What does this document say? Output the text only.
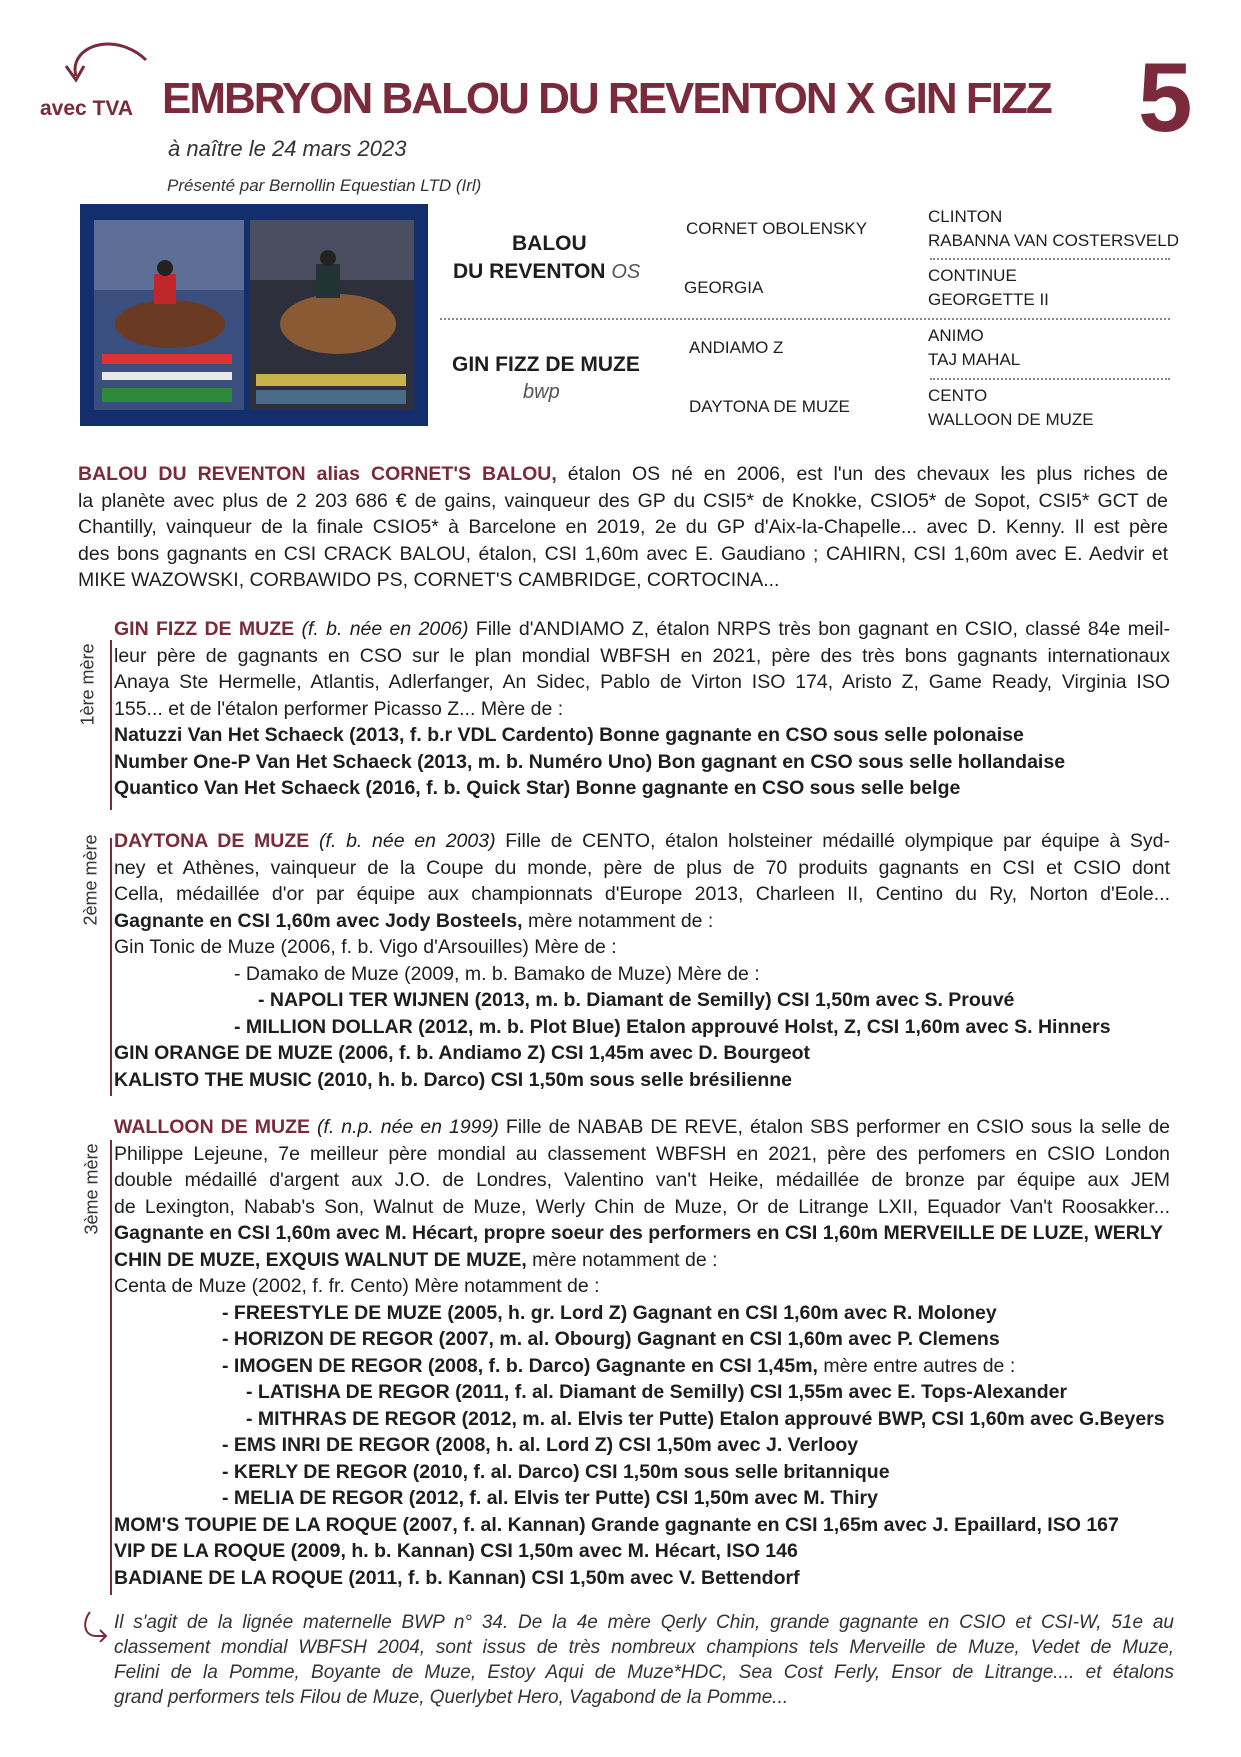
avec TVA EMBRYON BALOU DU REVENTON X GIN FIZZ 5
à naître le 24 mars 2023
Présenté par Bernollin Equestian LTD (Irl)
BALOU
DU REVENTON OS
GIN FIZZ DE MUZE
bwp
CORNET OBOLENSKY
GEORGIA
ANDIAMO Z
DAYTONA DE MUZE
CLINTON
RABANNA VAN COSTERSVELD
CONTINUE
GEORGETTE II
ANIMO
TAJ MAHAL
CENTO
WALLOON DE MUZE
BALOU DU REVENTON alias CORNET'S BALOU, étalon OS né en 2006, est l'un des chevaux les plus riches de
la planète avec plus de 2 203 686 € de gains, vainqueur des GP du CSI5* de Knokke, CSIO5* de Sopot, CSI5* GCT de
Chantilly, vainqueur de la finale CSIO5* à Barcelone en 2019, 2e du GP d'Aix-la-Chapelle... avec D. Kenny. Il est père
des bons gagnants en CSI CRACK BALOU, étalon, CSI 1,60m avec E. Gaudiano ; CAHIRN, CSI 1,60m avec E. Aedvir et
MIKE WAZOWSKI, CORBAWIDO PS, CORNET'S CAMBRIDGE, CORTOCINA...
1ère mère
GIN FIZZ DE MUZE (f. b. née en 2006) Fille d'ANDIAMO Z, étalon NRPS très bon gagnant en CSIO, classé 84e meil-
leur père de gagnants en CSO sur le plan mondial WBFSH en 2021, père des très bons gagnants internationaux
Anaya Ste Hermelle, Atlantis, Adlerfanger, An Sidec, Pablo de Virton ISO 174, Aristo Z, Game Ready, Virginia ISO
155... et de l'étalon performer Picasso Z... Mère de :
Natuzzi Van Het Schaeck (2013, f. b.r VDL Cardento) Bonne gagnante en CSO sous selle polonaise
Number One-P Van Het Schaeck (2013, m. b. Numéro Uno) Bon gagnant en CSO sous selle hollandaise
Quantico Van Het Schaeck (2016, f. b. Quick Star) Bonne gagnante en CSO sous selle belge
2ème mère DAYTONA DE MUZE (f. b. née en 2003) Fille de CENTO, étalon holsteiner médaillé olympique par équipe à Syd-
ney et Athènes, vainqueur de la Coupe du monde, père de plus de 70 produits gagnants en CSI et CSIO dont
Cella, médaillée d'or par équipe aux championnats d'Europe 2013, Charleen II, Centino du Ry, Norton d'Eole...
Gagnante en CSI 1,60m avec Jody Bosteels, mère notamment de :
Gin Tonic de Muze (2006, f. b. Vigo d'Arsouilles) Mère de :
- Damako de Muze (2009, m. b. Bamako de Muze) Mère de :
- NAPOLI TER WIJNEN (2013, m. b. Diamant de Semilly) CSI 1,50m avec S. Prouvé
- MILLION DOLLAR (2012, m. b. Plot Blue) Etalon approuvé Holst, Z, CSI 1,60m avec S. Hinners
GIN ORANGE DE MUZE (2006, f. b. Andiamo Z) CSI 1,45m avec D. Bourgeot
KALISTO THE MUSIC (2010, h. b. Darco) CSI 1,50m sous selle brésilienne
3ème mère
WALLOON DE MUZE (f. n.p. née en 1999) Fille de NABAB DE REVE, étalon SBS performer en CSIO sous la selle de
Philippe Lejeune, 7e meilleur père mondial au classement WBFSH en 2021, père des perfomers en CSIO London
double médaillé d'argent aux J.O. de Londres, Valentino van't Heike, médaillée de bronze par équipe aux JEM
de Lexington, Nabab's Son, Walnut de Muze, Werly Chin de Muze, Or de Litrange LXII, Equador Van't Roosakker...
Gagnante en CSI 1,60m avec M. Hécart, propre soeur des performers en CSI 1,60m MERVEILLE DE LUZE, WERLY
CHIN DE MUZE, EXQUIS WALNUT DE MUZE, mère notamment de :
Centa de Muze (2002, f. fr. Cento) Mère notamment de :
- FREESTYLE DE MUZE (2005, h. gr. Lord Z) Gagnant en CSI 1,60m avec R. Moloney
- HORIZON DE REGOR (2007, m. al. Obourg) Gagnant en CSI 1,60m avec P. Clemens
- IMOGEN DE REGOR (2008, f. b. Darco) Gagnante en CSI 1,45m, mère entre autres de :
- LATISHA DE REGOR (2011, f. al. Diamant de Semilly) CSI 1,55m avec E. Tops-Alexander
- MITHRAS DE REGOR (2012, m. al. Elvis ter Putte) Etalon approuvé BWP, CSI 1,60m avec G.Beyers
- EMS INRI DE REGOR (2008, h. al. Lord Z) CSI 1,50m avec J. Verlooy
- KERLY DE REGOR (2010, f. al. Darco) CSI 1,50m sous selle britannique
- MELIA DE REGOR (2012, f. al. Elvis ter Putte) CSI 1,50m avec M. Thiry
MOM'S TOUPIE DE LA ROQUE (2007, f. al. Kannan) Grande gagnante en CSI 1,65m avec J. Epaillard, ISO 167
VIP DE LA ROQUE (2009, h. b. Kannan) CSI 1,50m avec M. Hécart, ISO 146
BADIANE DE LA ROQUE (2011, f. b. Kannan) CSI 1,50m avec V. Bettendorf
Il s'agit de la lignée maternelle BWP n° 34. De la 4e mère Qerly Chin, grande gagnante en CSIO et CSI-W, 51e au
classement mondial WBFSH 2004, sont issus de très nombreux champions tels Merveille de Muze, Vedet de Muze,
Felini de la Pomme, Boyante de Muze, Estoy Aqui de Muze*HDC, Sea Cost Ferly, Ensor de Litrange.... et étalons
grand performers tels Filou de Muze, Querlybet Hero, Vagabond de la Pomme...
